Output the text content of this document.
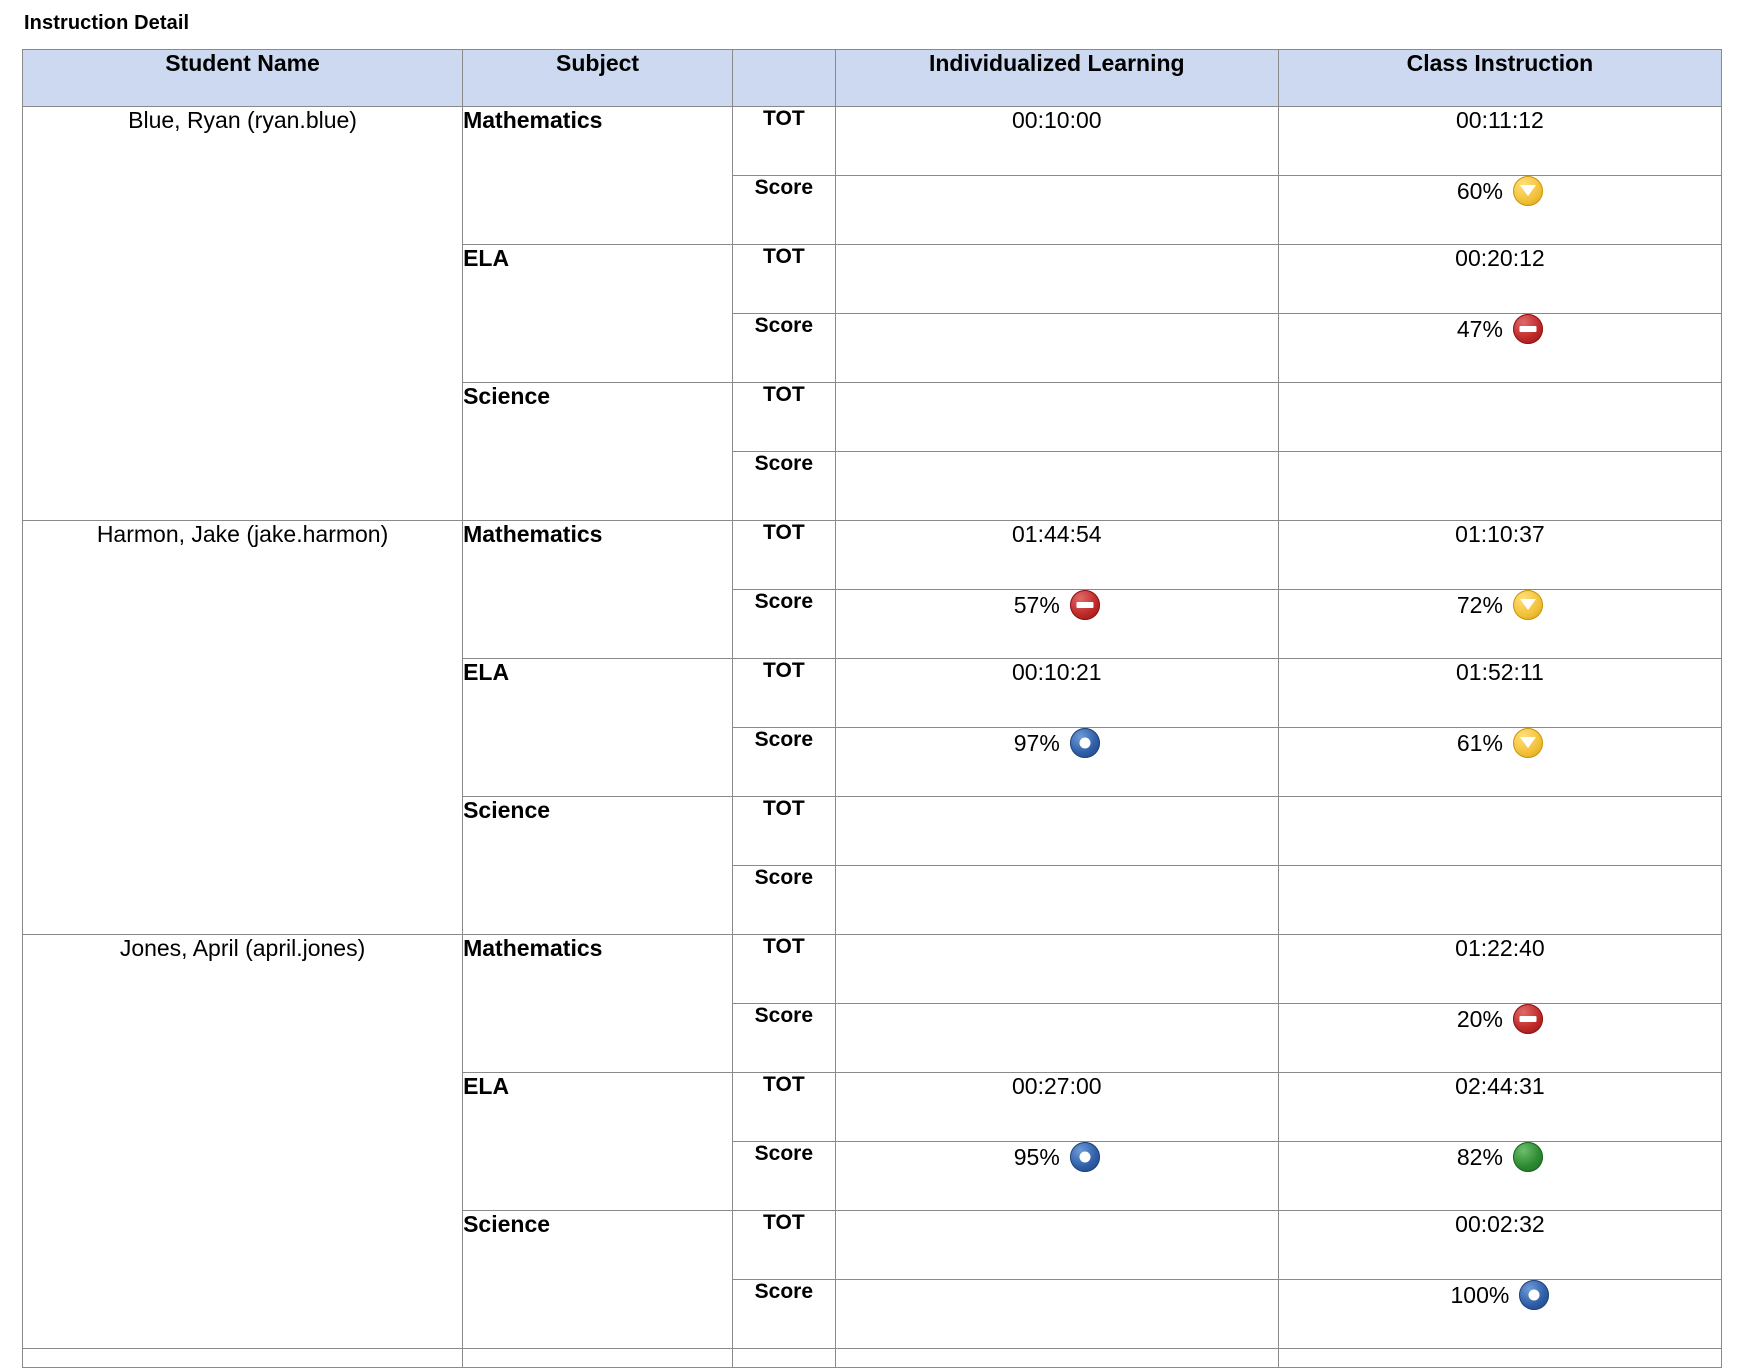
Instruction Detail
Student Name	Subject		Individualized Learning	Class Instruction
Blue, Ryan (ryan.blue)	Mathematics	TOT	00:10:00	00:11:12

		Score		60%

	ELA	TOT		00:20:12

		Score		47%

	Science	TOT	

		Score	

Harmon, Jake (jake.harmon)	Mathematics	TOT	01:44:54	01:10:37

		Score	57%	72%

	ELA	TOT	00:10:21	01:52:11

		Score	97%	61%

	Science	TOT	

		Score	

Jones, April (april.jones)	Mathematics	TOT		01:22:40

		Score		20%

	ELA	TOT	00:27:00	02:44:31

		Score	95%	82%

	Science	TOT		00:02:32

		Score		100%
